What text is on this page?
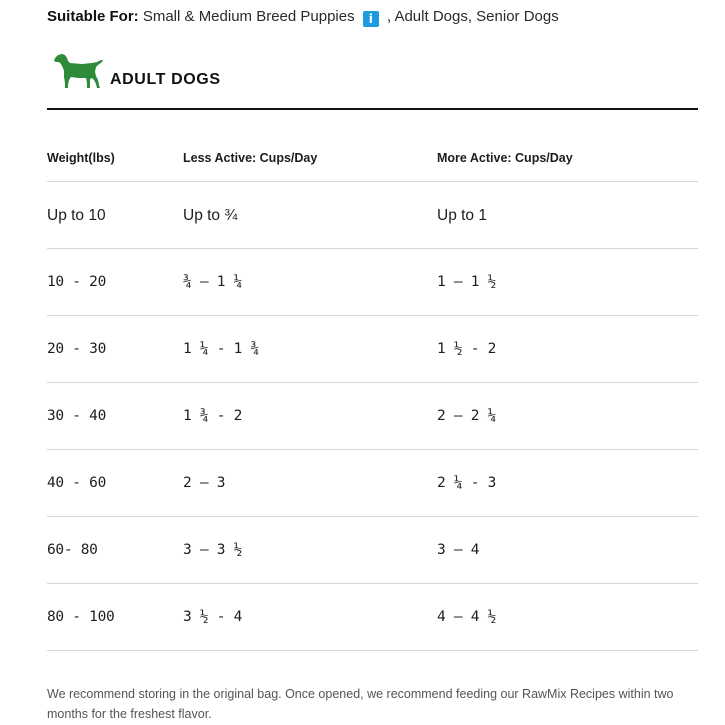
Suitable For: Small & Medium Breed Puppies i , Adult Dogs, Senior Dogs
ADULT DOGS
Weight(lbs)	Less Active: Cups/Day	More Active: Cups/Day
Up to 10	Up to ¾	Up to 1
10 - 20	¾ – 1 ¼	1 – 1 ½
20 - 30	1 ¼ - 1 ¾	1 ½ - 2
30 - 40	1 ¾ - 2	2 – 2 ¼
40 - 60	2 – 3	2 ¼ - 3
60- 80	3 – 3 ½	3 – 4
80 - 100	3 ½ - 4	4 – 4 ½

We recommend storing in the original bag. Once opened, we recommend feeding our RawMix Recipes within two months for the freshest flavor.
